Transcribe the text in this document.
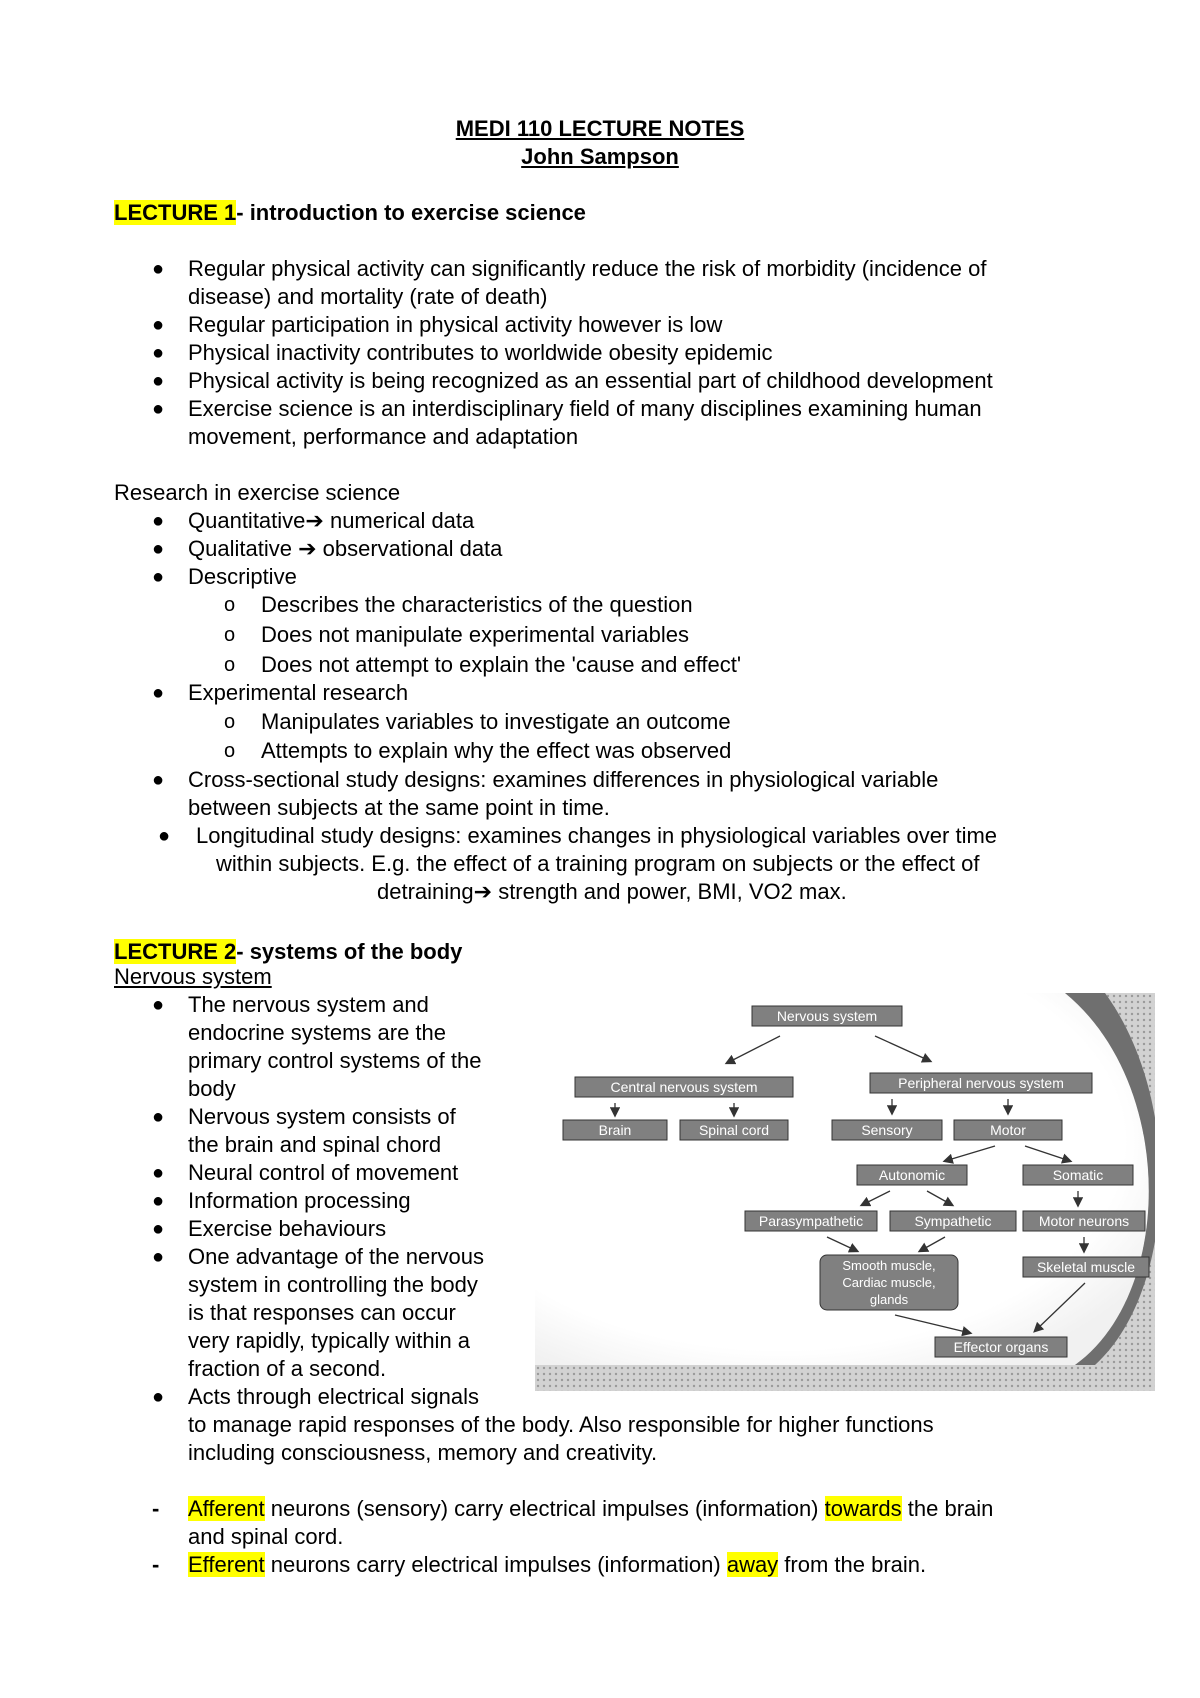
MEDI 110 LECTURE NOTES
John Sampson
LECTURE 1- introduction to exercise science
● Regular physical activity can significantly reduce the risk of morbidity (incidence of
disease) and mortality (rate of death)
● Regular participation in physical activity however is low
● Physical inactivity contributes to worldwide obesity epidemic
● Physical activity is being recognized as an essential part of childhood development
● Exercise science is an interdisciplinary field of many disciplines examining human
movement, performance and adaptation
Research in exercise science
● Quantitative➔ numerical data
● Qualitative ➔ observational data
● Descriptive
o Describes the characteristics of the question
o Does not manipulate experimental variables
o Does not attempt to explain the 'cause and effect'
● Experimental research
o Manipulates variables to investigate an outcome
o Attempts to explain why the effect was observed
● Cross-sectional study designs: examines differences in physiological variable
between subjects at the same point in time.
● Longitudinal study designs: examines changes in physiological variables over time
within subjects. E.g. the effect of a training program on subjects or the effect of
detraining➔ strength and power, BMI, VO2 max.
LECTURE 2- systems of the body
Nervous system
● The nervous system and
endocrine systems are the
primary control systems of the
body
● Nervous system consists of
the brain and spinal chord
● Neural control of movement
● Information processing
● Exercise behaviours
● One advantage of the nervous
system in controlling the body
is that responses can occur
very rapidly, typically within a
fraction of a second.
● Acts through electrical signals
to manage rapid responses of the body. Also responsible for higher functions
including consciousness, memory and creativity.
- Afferent neurons (sensory) carry electrical impulses (information) towards the brain
and spinal cord.
- Efferent neurons carry electrical impulses (information) away from the brain.
Nervous system
Central nervous system	Peripheral nervous system
Brain	Spinal cord	Sensory	Motor
Autonomic	Somatic
Parasympathetic	Sympathetic	Motor neurons
Smooth muscle,
Cardiac muscle,
glands
Skeletal muscle
Effector organs
